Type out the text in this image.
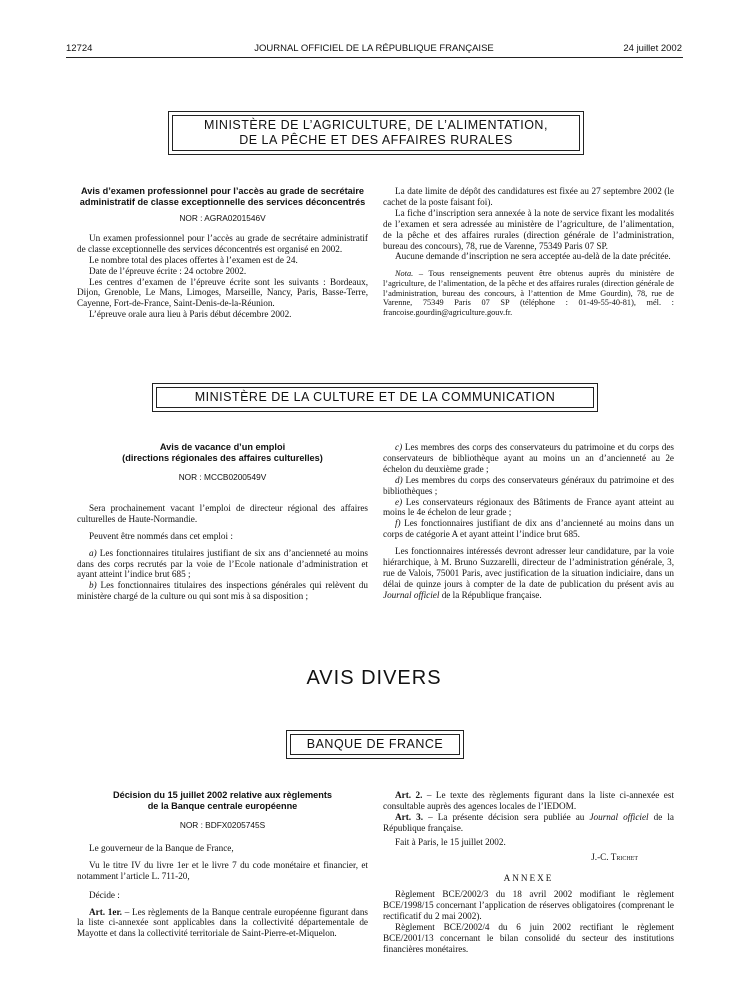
12724	JOURNAL OFFICIEL DE LA RÉPUBLIQUE FRANÇAISE	24 juillet 2002
MINISTÈRE DE L’AGRICULTURE, DE L’ALIMENTATION,
DE LA PÊCHE ET DES AFFAIRES RURALES
Avis d’examen professionnel pour l’accès au grade de secrétaire administratif de classe exceptionnelle des services déconcentrés
NOR : AGRA0201546V

Un examen professionnel pour l’accès au grade de secrétaire administratif de classe exceptionnelle des services déconcentrés est organisé en 2002.

Le nombre total des places offertes à l’examen est de 24.

Date de l’épreuve écrite : 24 octobre 2002.

Les centres d’examen de l’épreuve écrite sont les suivants : Bordeaux, Dijon, Grenoble, Le Mans, Limoges, Marseille, Nancy, Paris, Basse-Terre, Cayenne, Fort-de-France, Saint-Denis-de-la-Réunion.

L’épreuve orale aura lieu à Paris début décembre 2002.

La date limite de dépôt des candidatures est fixée au 27 septembre 2002 (le cachet de la poste faisant foi).

La fiche d’inscription sera annexée à la note de service fixant les modalités de l’examen et sera adressée au ministère de l’agriculture, de l’alimentation, de la pêche et des affaires rurales (direction générale de l’administration, bureau des concours), 78, rue de Varenne, 75349 Paris 07 SP.

Aucune demande d’inscription ne sera acceptée au-delà de la date précitée.

Nota. – Tous renseignements peuvent être obtenus auprès du ministère de l’agriculture, de l’alimentation, de la pêche et des affaires rurales (direction générale de l’administration, bureau des concours, à l’attention de Mme Gourdin), 78, rue de Varenne, 75349 Paris 07 SP (téléphone : 01-49-55-40-81), mél. : francoise.gourdin@agriculture.gouv.fr.

MINISTÈRE DE LA CULTURE ET DE LA COMMUNICATION
Avis de vacance d’un emploi
(directions régionales des affaires culturelles)
NOR : MCCB0200549V

Sera prochainement vacant l’emploi de directeur régional des affaires culturelles de Haute-Normandie.

Peuvent être nommés dans cet emploi :

a) Les fonctionnaires titulaires justifiant de six ans d’ancienneté au moins dans des corps recrutés par la voie de l’Ecole nationale d’administration et ayant atteint l’indice brut 685 ;

b) Les fonctionnaires titulaires des inspections générales qui relèvent du ministère chargé de la culture ou qui sont mis à sa disposition ;

c) Les membres des corps des conservateurs du patrimoine et du corps des conservateurs de bibliothèque ayant au moins un an d’ancienneté au 2e échelon du deuxième grade ;

d) Les membres du corps des conservateurs généraux du patrimoine et des bibliothèques ;

e) Les conservateurs régionaux des Bâtiments de France ayant atteint au moins le 4e échelon de leur grade ;

f) Les fonctionnaires justifiant de dix ans d’ancienneté au moins dans un corps de catégorie A et ayant atteint l’indice brut 685.

Les fonctionnaires intéressés devront adresser leur candidature, par la voie hiérarchique, à M. Bruno Suzzarelli, directeur de l’administration générale, 3, rue de Valois, 75001 Paris, avec justification de la situation indiciaire, dans un délai de quinze jours à compter de la date de publication du présent avis au Journal officiel de la République française.

AVIS DIVERS
BANQUE DE FRANCE
Décision du 15 juillet 2002 relative aux règlements
de la Banque centrale européenne
NOR : BDFX0205745S

Le gouverneur de la Banque de France,

Vu le titre IV du livre 1er et le livre 7 du code monétaire et financier, et notamment l’article L. 711-20,

Décide :

Art. 1er. – Les règlements de la Banque centrale européenne figurant dans la liste ci-annexée sont applicables dans la collectivité départementale de Mayotte et dans la collectivité territoriale de Saint-Pierre-et-Miquelon.

Art. 2. – Le texte des règlements figurant dans la liste ci-annexée est consultable auprès des agences locales de l’IEDOM.

Art. 3. – La présente décision sera publiée au Journal officiel de la République française.

Fait à Paris, le 15 juillet 2002.

J.-C. Trichet
ANNEXE

Règlement BCE/2002/3 du 18 avril 2002 modifiant le règlement BCE/1998/15 concernant l’application de réserves obligatoires (comprenant le rectificatif du 2 mai 2002).

Règlement BCE/2002/4 du 6 juin 2002 rectifiant le règlement BCE/2001/13 concernant le bilan consolidé du secteur des institutions financières monétaires.
